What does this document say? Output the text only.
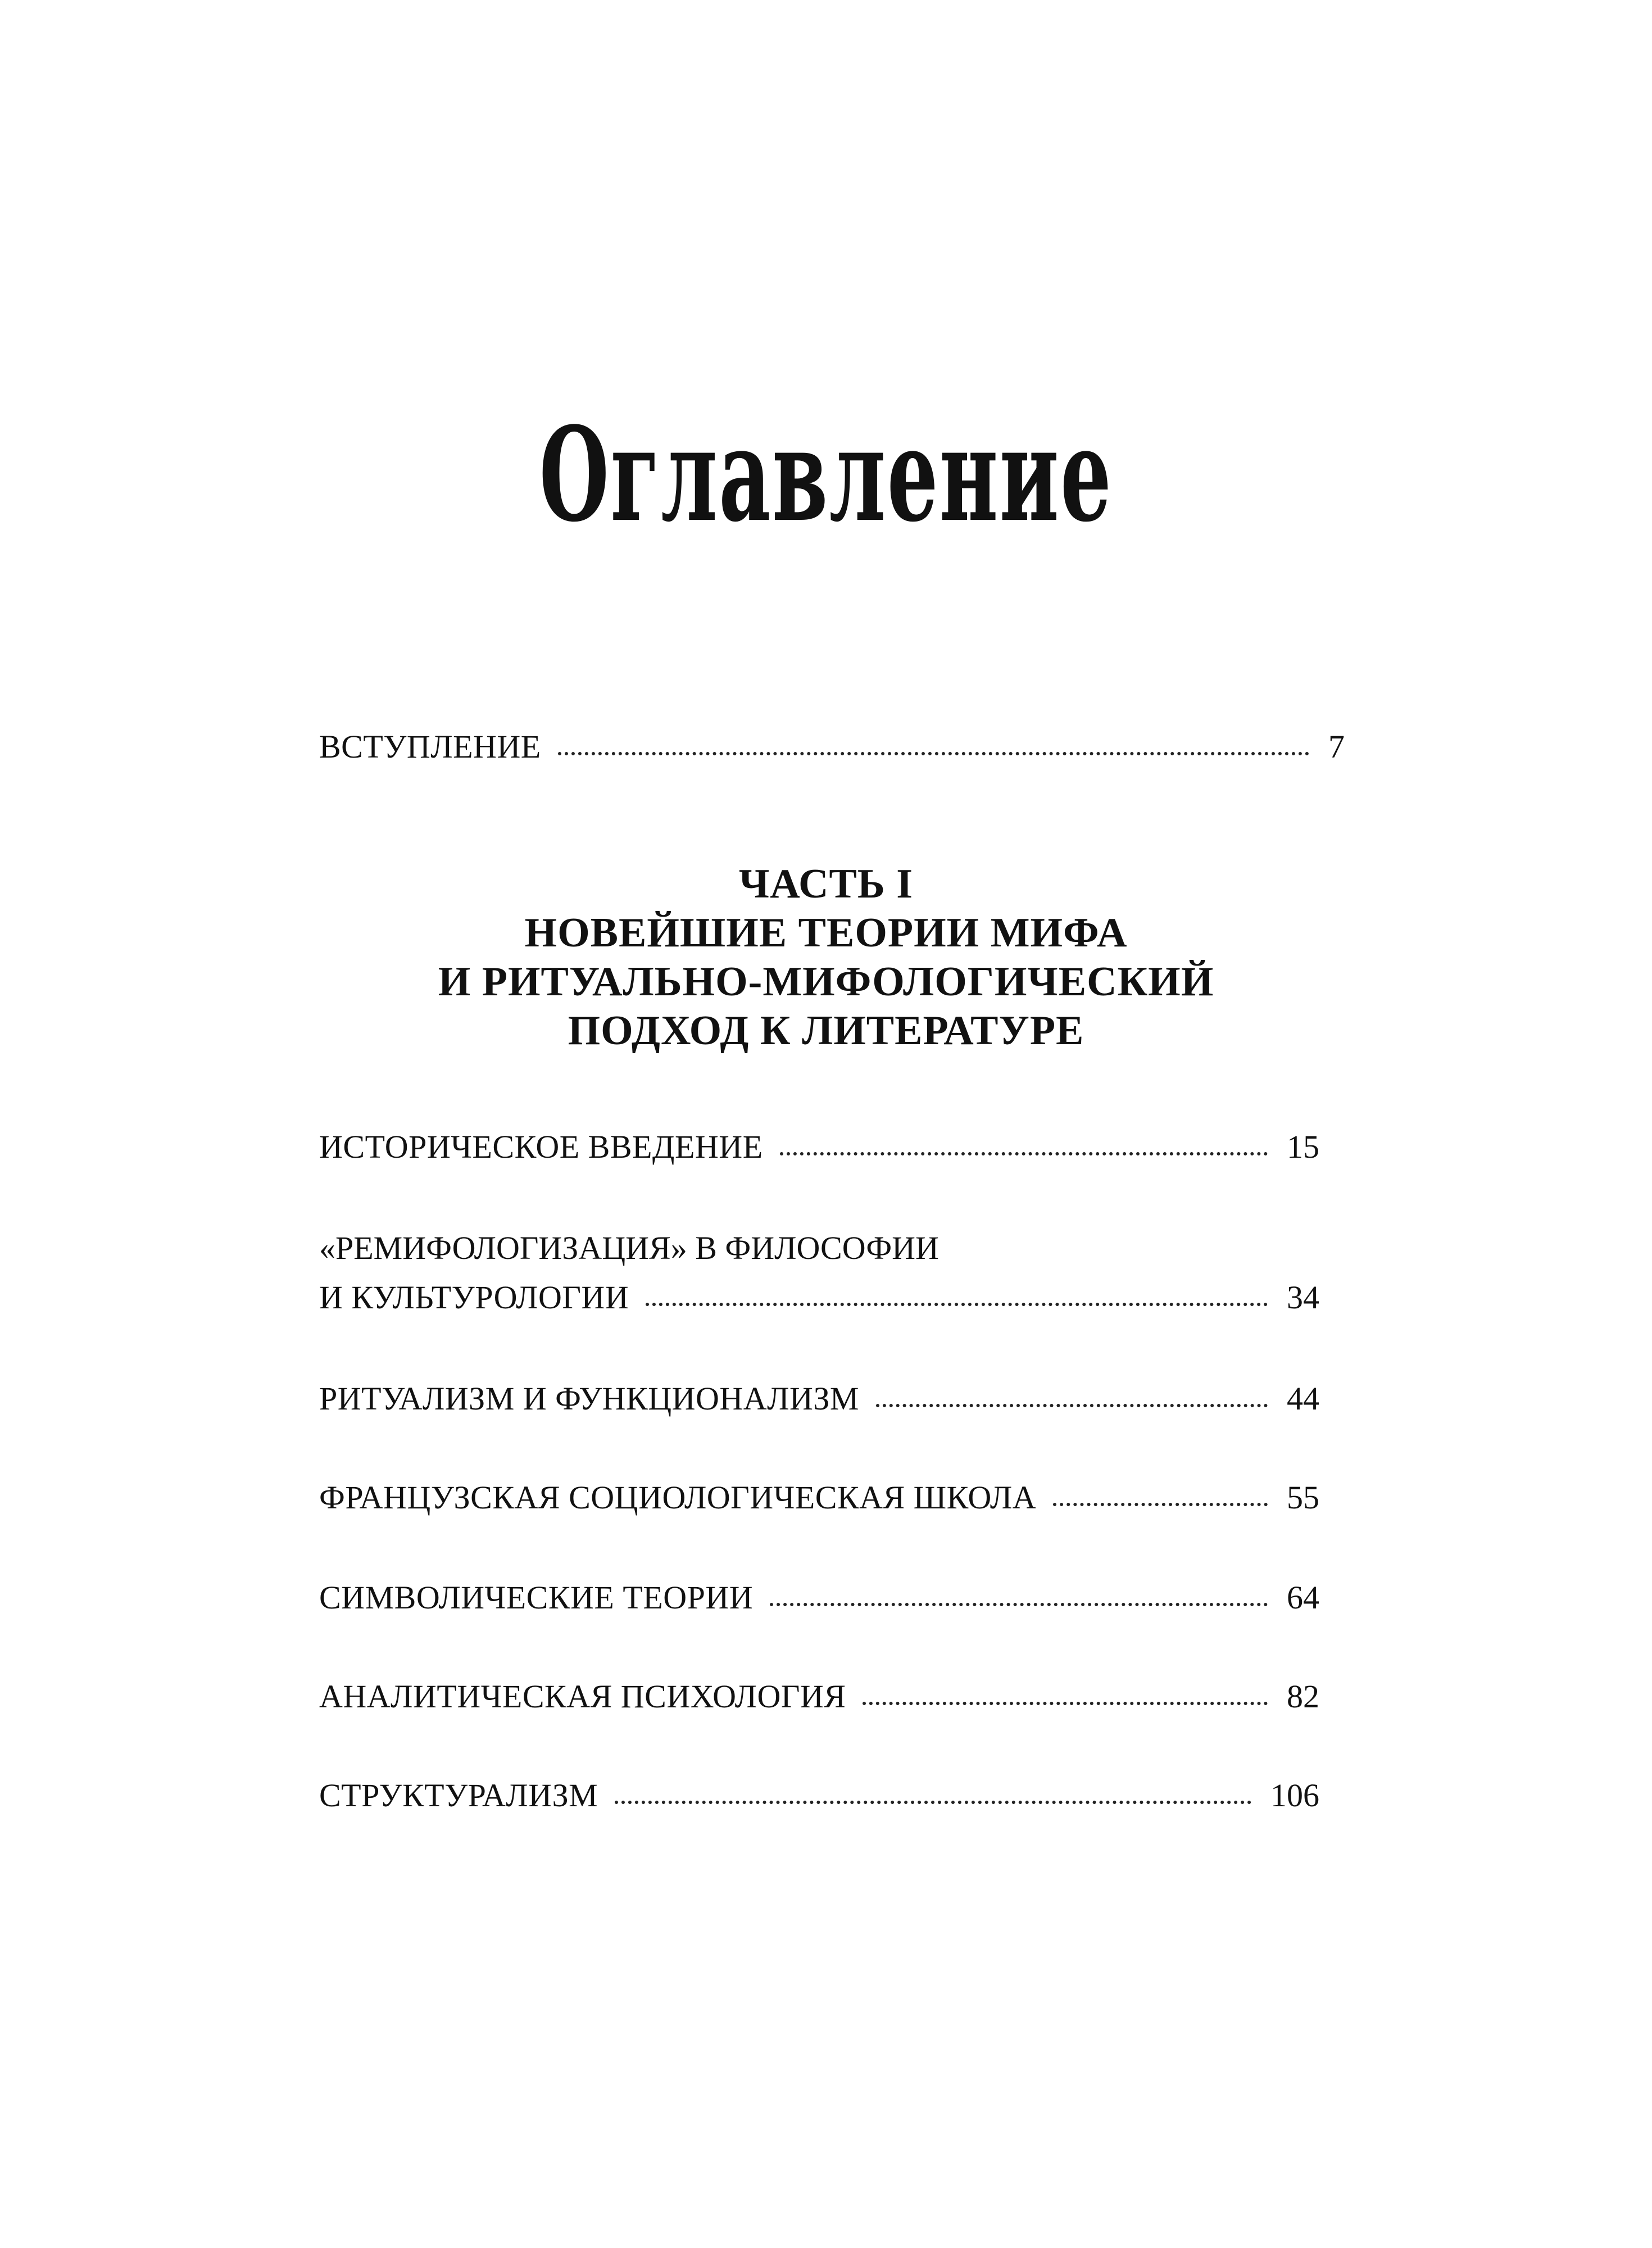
Оглавление
ВСТУПЛЕНИЕ	7
ЧАСТЬ I
НОВЕЙШИЕ ТЕОРИИ МИФА
И РИТУАЛЬНО-МИФОЛОГИЧЕСКИЙ
ПОДХОД К ЛИТЕРАТУРЕ
ИСТОРИЧЕСКОЕ ВВЕДЕНИЕ	15
«РЕМИФОЛОГИЗАЦИЯ» В ФИЛОСОФИИ
И КУЛЬТУРОЛОГИИ	34
РИТУАЛИЗМ И ФУНКЦИОНАЛИЗМ	44
ФРАНЦУЗСКАЯ СОЦИОЛОГИЧЕСКАЯ ШКОЛА	55
СИМВОЛИЧЕСКИЕ ТЕОРИИ	64
АНАЛИТИЧЕСКАЯ ПСИХОЛОГИЯ	82
СТРУКТУРАЛИЗМ	106
